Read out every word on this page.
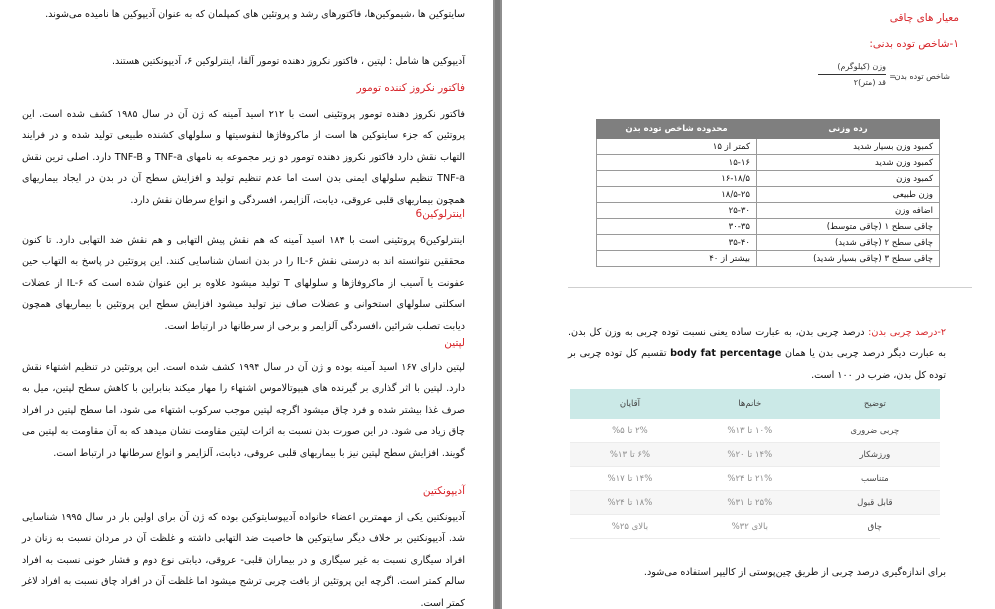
سایتوکین ها ،شیموکین‌ها، فاکتورهای رشد و پروتئین های کمپلمان که به عنوان آدیپوکین ها نامیده می‌شوند.

آدیپوکین ها شامل : لپتین ، فاکتور نکروز دهنده تومور آلفا، اینترلوکین ۶، آدیپونکتین هستند.

فاکتور نکروز کننده تومور

فاکتور نکروز دهنده تومور پروتئینی است با ۲۱۲ اسید آمینه که ژن آن در سال ۱۹۸۵ کشف شده است. این پروتئین که جزء سایتوکین ها است از ماکروفاژها لنفوسیتها و سلولهای کشنده طبیعی تولید شده و در فرایند التهاب نقش دارد فاکتور نکروز دهنده تومور دو زیر مجموعه به نامهای TNF-a و TNF-B دارد. اصلی ترین نقش TNF-a تنظیم سلولهای ایمنی بدن است اما عدم تنظیم تولید و افزایش سطح آن در بدن در ایجاد بیماریهای همچون بیماریهای قلبی عروقی، دیابت، آلزایمر، افسردگی و انواع سرطان نقش دارد.

اینترلوکین6

اینترلوکین6 پروتئینی است با ۱۸۴ اسید آمینه که هم نقش پیش التهابی و هم نقش ضد التهابی دارد. تا کنون محققین نتوانسته اند به درستی نقش IL-۶ را در بدن انسان شناسایی کنند. این پروتئین در پاسخ به التهاب حین عفونت یا آسیب از ماکروفاژها و سلولهای T تولید میشود علاوه بر این عنوان شده است که IL-۶ از عضلات اسکلتی سلولهای استخوانی و عضلات صاف نیز تولید میشود افزایش سطح این پروتئین با بیماریهای همچون دیابت تصلب شرائین ،افسردگی آلزایمر و برخی از سرطانها در ارتباط است.

لپتین

لپتین دارای ۱۶۷ اسید آمینه بوده و ژن آن در سال ۱۹۹۴ کشف شده است. این پروتئین در تنظیم اشتهاء نقش دارد. لپتین با اثر گذاری بر گیرنده های هیپوتالاموس اشتهاء را مهار میکند بنابراین با کاهش سطح لپتین، میل به صرف غذا بیشتر شده و فرد چاق میشود اگرچه لپتین موجب سرکوب اشتهاء می شود، اما سطح لپتین در افراد چاق زیاد می شود. در این صورت بدن نسبت به اثرات لپتین مقاومت نشان میدهد که به آن مقاومت به لپتین می گویند. افزایش سطح لپتین نیز با بیماریهای قلبی عروقی، دیابت، آلزایمر و انواع سرطانها در ارتباط است.

آدیپونکتین

آدیپونکتین یکی از مهمترین اعضاء خانواده آدیپوسایتوکین بوده که ژن آن برای اولین بار در سال ۱۹۹۵ شناسایی شد. آدیپونکتین بر خلاف دیگر سایتوکین ها خاصیت ضد التهابی داشته و غلظت آن در مردان نسبت به زنان در افراد سیگاری نسبت به غیر سیگاری و در بیماران قلبی- عروقی، دیابتی نوع دوم و فشار خونی نسبت به افراد سالم کمتر است. اگرچه این پروتئین از بافت چربی ترشح میشود اما غلظت آن در افراد چاق نسبت به افراد لاغر کمتر است.

معیار های چاقی

۱-شاخص توده بدنی:

شاخص توده بدن
=
وزن (کیلوگرم)
قد (متر)۲
رده وزنی	محدوده شاخص توده بدن
کمبود وزن بسیار شدید	کمتر از ۱۵
کمبود وزن شدید	۱۵-۱۶
کمبود وزن	۱۶-۱۸/۵
وزن طبیعی	۱۸/۵-۲۵
اضافه وزن	۲۵-۳۰
چاقی سطح ۱ (چاقی متوسط)	۳۰-۳۵
چاقی سطح ۲ (چاقی شدید)	۳۵-۴۰
چاقی سطح ۳ (چاقی بسیار شدید)	بیشتر از ۴۰

۲-درصد چربی بدن: درصد چربی بدن، به عبارت ساده یعنی نسبت توده چربی به وزن کل بدن. به عبارت دیگر درصد چربی بدن یا همان body fat percentage تقسیم کل توده چربی بر توده کل بدن، ضرب در ۱۰۰ است.

توضیح	خانم‌ها	آقایان
چربی ضروری	۱۰% تا ۱۳%	۲% تا ۵%
ورزشکار	۱۴% تا ۲۰%	۶% تا ۱۳%
متناسب	۲۱% تا ۲۴%	۱۴% تا ۱۷%
قابل قبول	۲۵% تا ۳۱%	۱۸% تا ۲۴%
چاق	بالای ۳۲%	بالای ۲۵%

برای اندازه‌گیری درصد چربی از طریق چین‌پوستی از کالیپر استفاده می‌شود.
